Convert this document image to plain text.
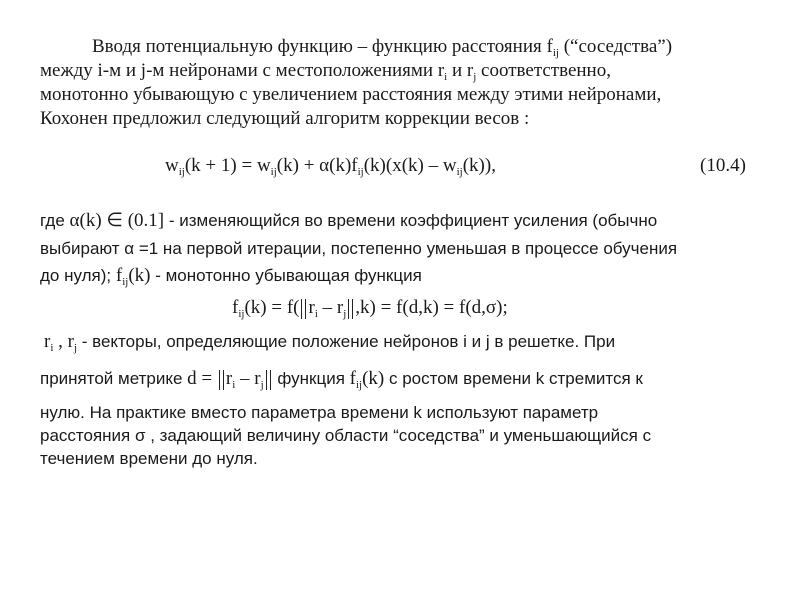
Вводя потенциальную функцию – функцию расстояния $f_{ij}$ (“соседства”)
между i-м и j-м нейронами с местоположениями $r_i$ и $r_j$ соответственно,
монотонно убывающую с увеличением расстояния между этими нейронами,
Кохонен предложил следующий алгоритм коррекции весов :
$w_{ij}(k + 1) = w_{ij}(k) + \alpha(k)f_{ij}(k)(x(k) - w_{ij}(k))$,	(10.4)
где α(k) ∈ (0.1] - изменяющийся во времени коэффициент усиления (обычно
выбирают α =1 на первой итерации, постепенно уменьшая в процессе обучения
до нуля); $f_{ij}(k)$ - монотонно убывающая функция
$f_{ij}(k) = f$( $r_i - r_j$ ,k) = f(d,k) = f(d,σ);
$r_i$ , $r_j$ - векторы, определяющие положение нейронов i и j в решетке. При
принятой метрике $d = r_i - r_j$ функция $f_{ij}(k)$ с ростом времени k стремится к
нулю. На практике вместо параметра времени k используют параметр
расстояния σ , задающий величину области “соседства” и уменьшающийся с
течением времени до нуля.
